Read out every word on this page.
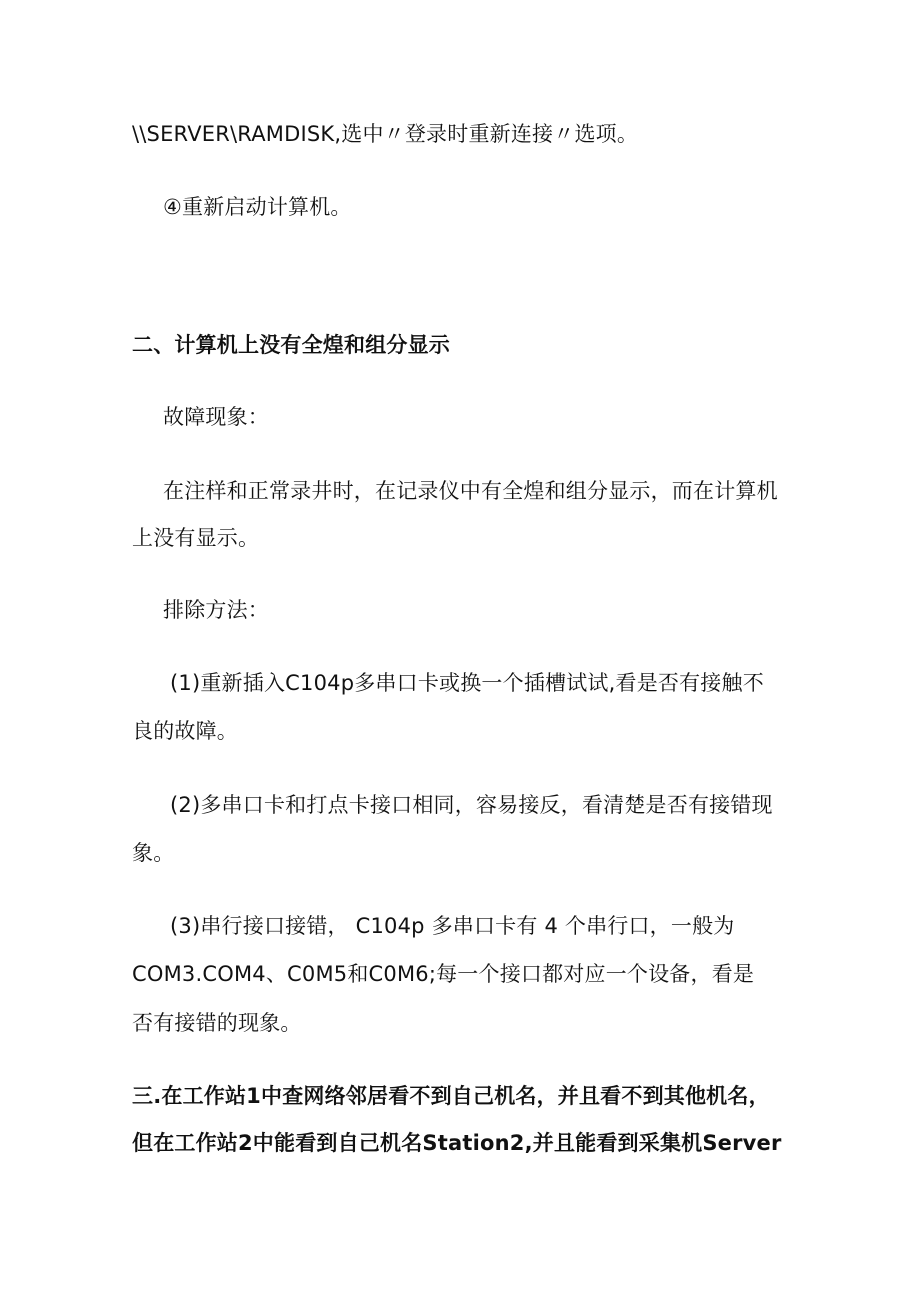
\\SERVER\RAMDISK,选中〃登录时重新连接〃选项。
④重新启动计算机。
二、计算机上没有全煌和组分显示
故障现象：
在注样和正常录井时，在记录仪中有全煌和组分显示，而在计算机
上没有显示。
排除方法：
(1)重新插入C104p多串口卡或换一个插槽试试,看是否有接触不
良的故障。
(2)多串口卡和打点卡接口相同，容易接反，看清楚是否有接错现
象。
(3)串行接口接错， C104p 多串口卡有 4 个串行口，一般为
COM3.COM4、C0M5和C0M6;每一个接口都对应一个设备，看是
否有接错的现象。
三.在工作站1中查网络邻居看不到自己机名，并且看不到其他机名，
但在工作站2中能看到自己机名Station2,并且能看到采集机Server
